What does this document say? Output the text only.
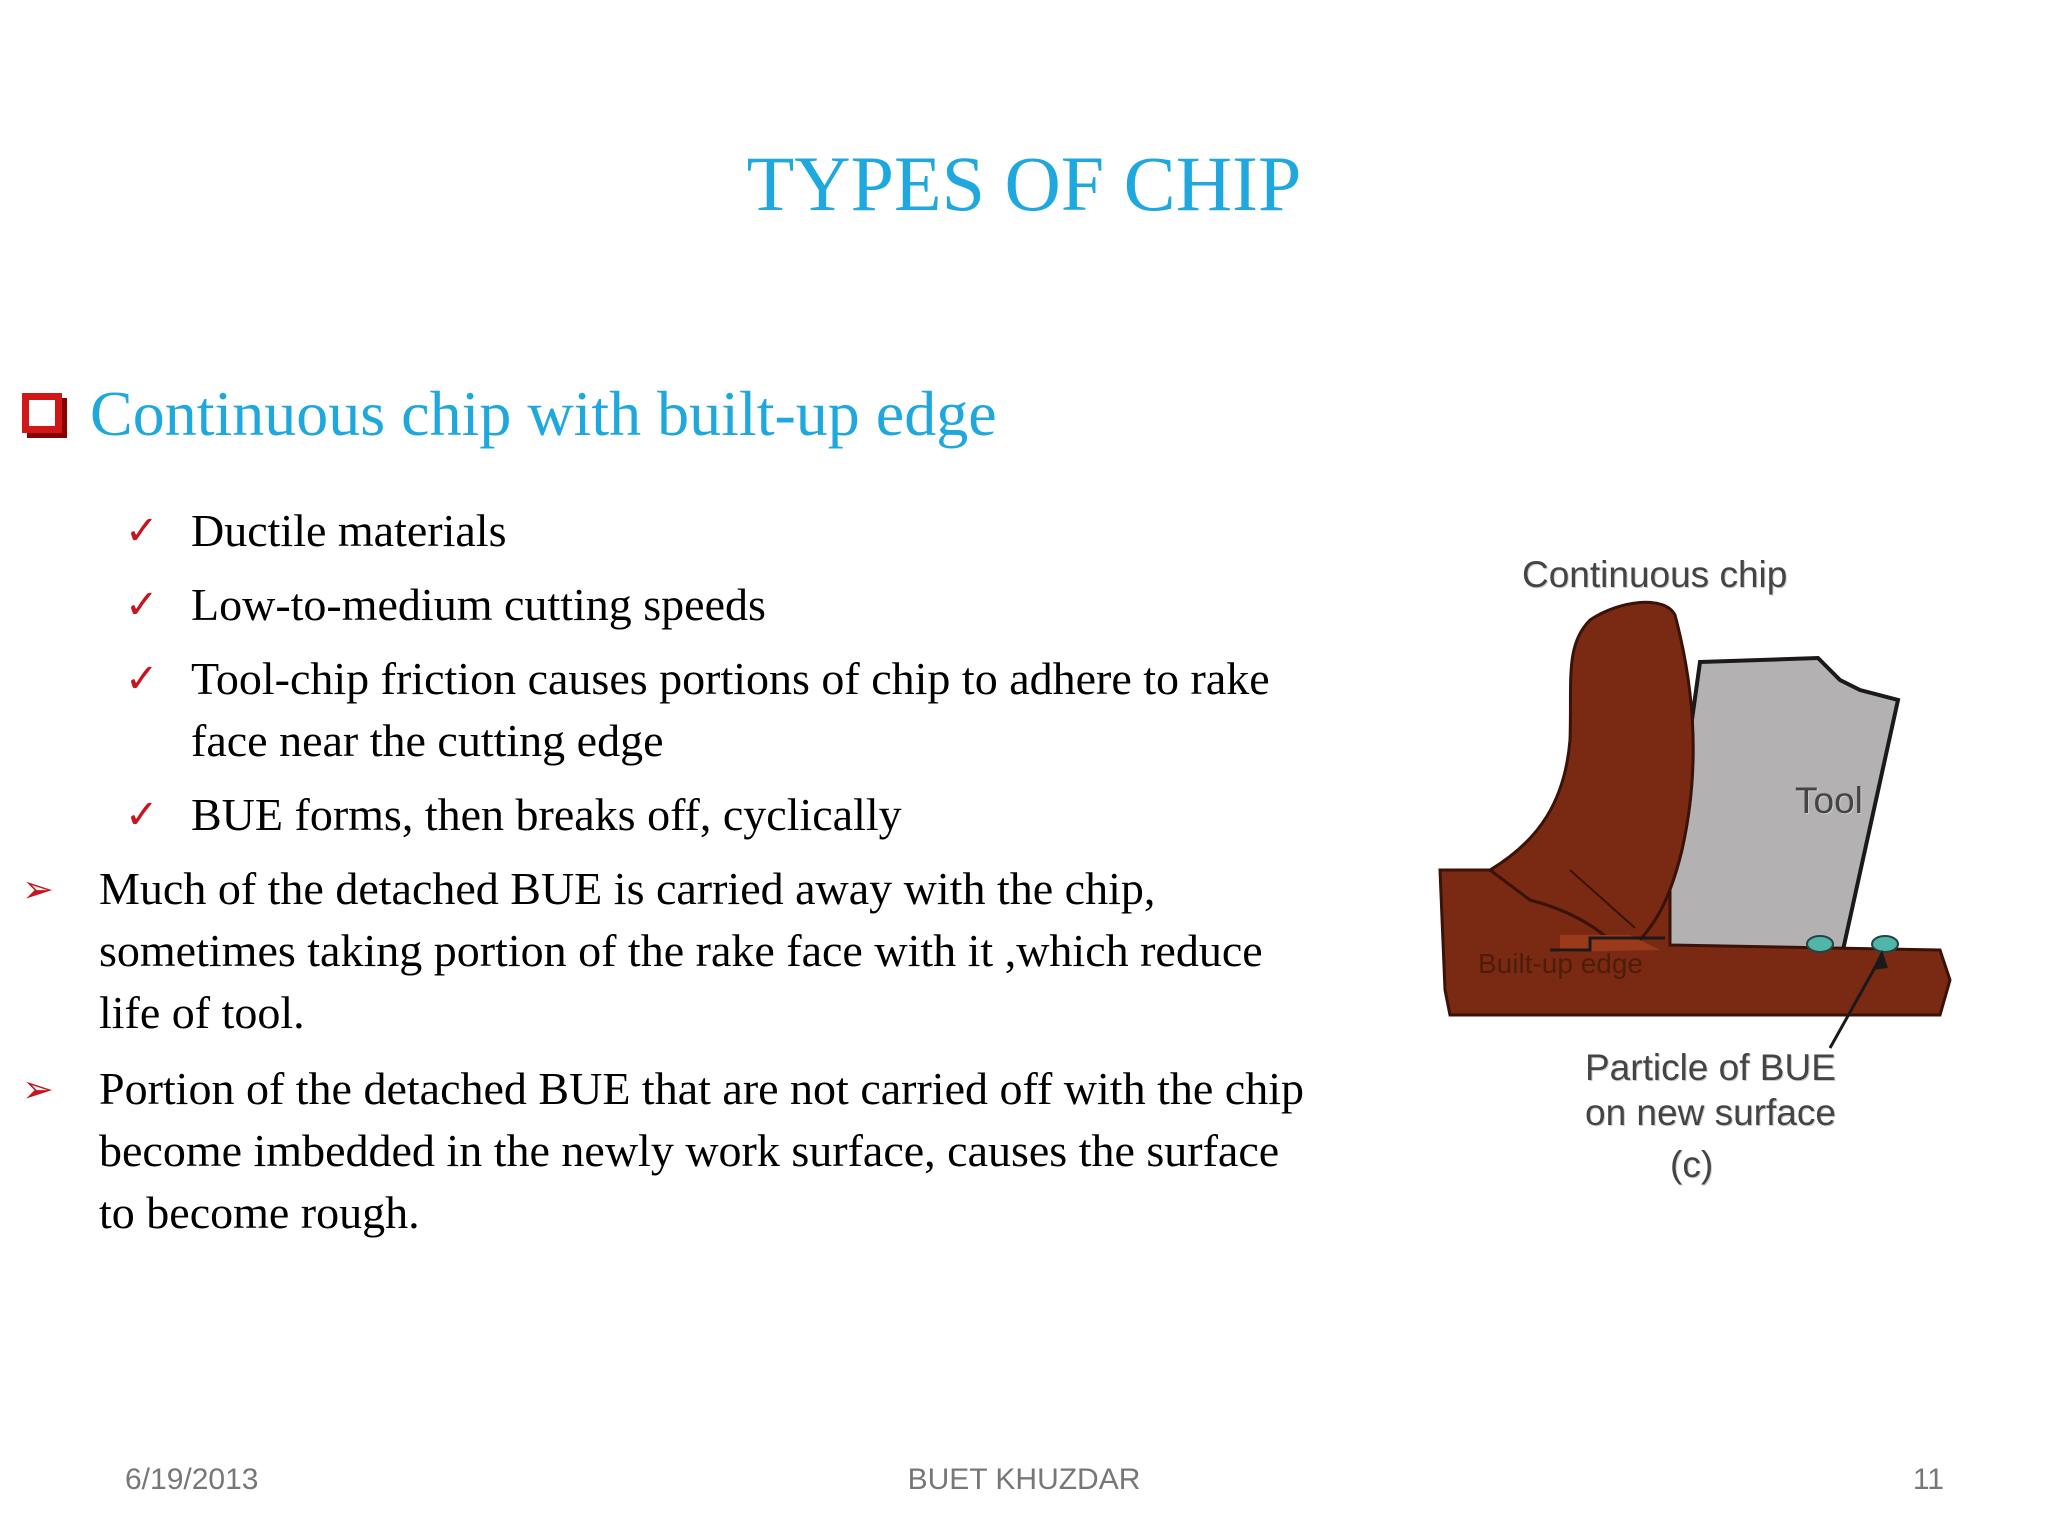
TYPES OF CHIP
Continuous chip with built-up edge
✓ Ductile materials
✓ Low-to-medium cutting speeds
✓ Tool-chip friction causes portions of chip to adhere to rake face near the cutting edge
✓ BUE forms, then breaks off, cyclically
➢ Much of the detached BUE is carried away with the chip, sometimes taking portion of the rake face with it ,which reduce life of tool.
➢ Portion of the detached BUE that are not carried off with the chip become imbedded in the newly work surface, causes the surface to become rough.
Continuous chip
Tool
Built-up edge
Particle of BUE
on new surface
(c)
6/19/2013	BUET KHUZDAR	11
